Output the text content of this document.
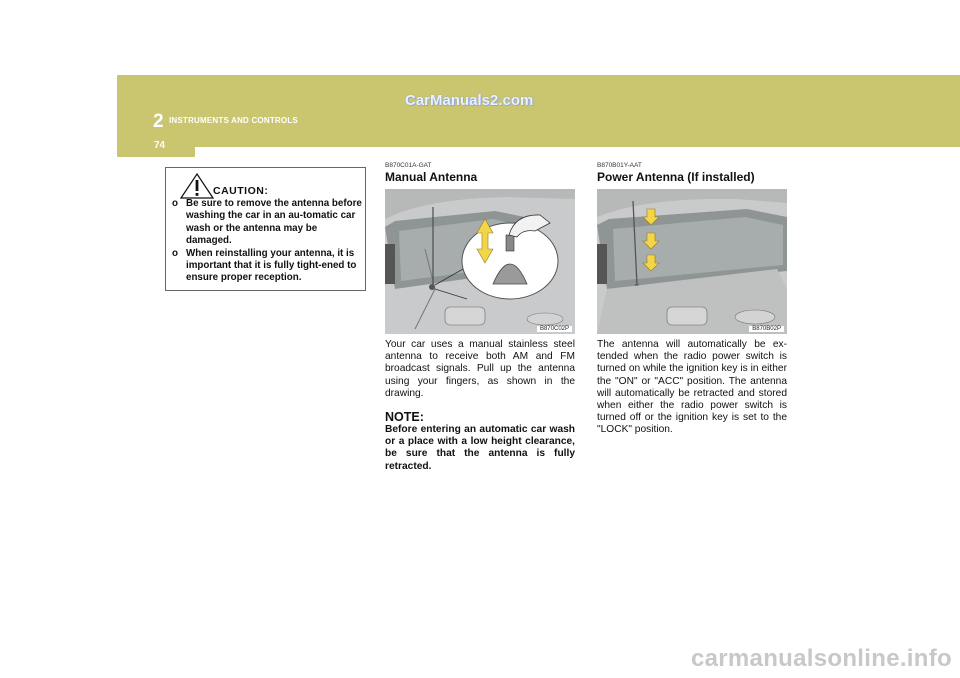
2 INSTRUMENTS AND CONTROLS
74
CarManuals2.com
CAUTION:
o Be sure to remove the antenna before washing the car in an au-tomatic car wash or the antenna may be damaged.
o When reinstalling your antenna, it is important that it is fully tight-ened to ensure proper reception.
B870C01A-GAT
Manual Antenna
B870C02P
Your car uses a manual stainless steel antenna to receive both AM and FM broadcast signals. Pull up the antenna using your fingers, as shown in the drawing.
NOTE:
Before entering an automatic car wash or a place with a low height clearance, be sure that the antenna is fully retracted.
B870B01Y-AAT
Power Antenna (If installed)
B870B02P
The antenna will automatically be ex-tended when the radio power switch is turned on while the ignition key is in either the "ON" or "ACC" position. The antenna will automatically be retracted and stored when either the radio power switch is turned off or the ignition key is set to the "LOCK" position.
carmanualsonline.info
